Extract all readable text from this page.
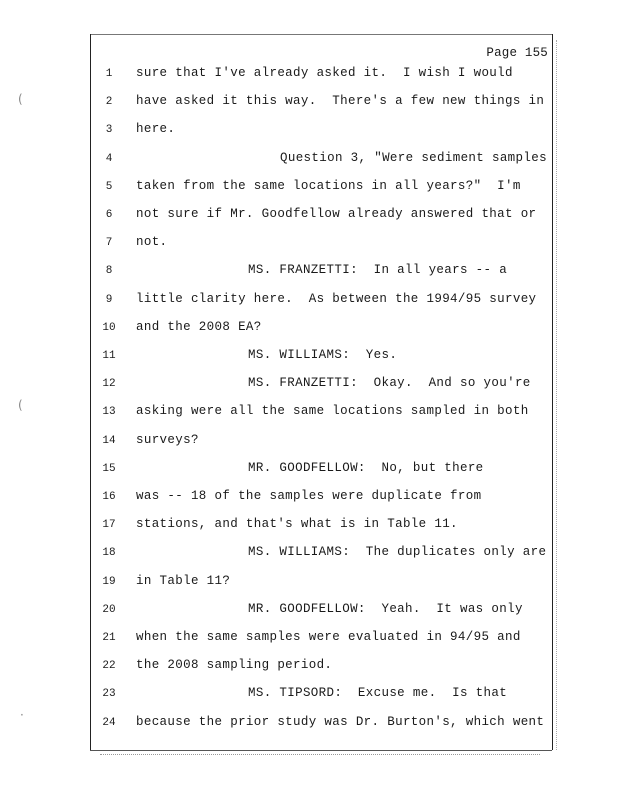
(
(
·
Page 155
1	sure that I've already asked it.  I wish I would
2	have asked it this way.  There's a few new things in
3	here.
4	Question 3, "Were sediment samples
5	taken from the same locations in all years?"  I'm
6	not sure if Mr. Goodfellow already answered that or
7	not.
8	MS. FRANZETTI:  In all years -- a
9	little clarity here.  As between the 1994/95 survey
10 and the 2008 EA?
11	MS. WILLIAMS:  Yes.
12	MS. FRANZETTI:  Okay.  And so you're
13 asking were all the same locations sampled in both
14 surveys?
15	MR. GOODFELLOW:  No, but there
16 was -- 18 of the samples were duplicate from
17 stations, and that's what is in Table 11.
18	MS. WILLIAMS:  The duplicates only are
19 in Table 11?
20	MR. GOODFELLOW:  Yeah.  It was only
21 when the same samples were evaluated in 94/95 and
22 the 2008 sampling period.
23	MS. TIPSORD:  Excuse me.  Is that
24 because the prior study was Dr. Burton's, which went
